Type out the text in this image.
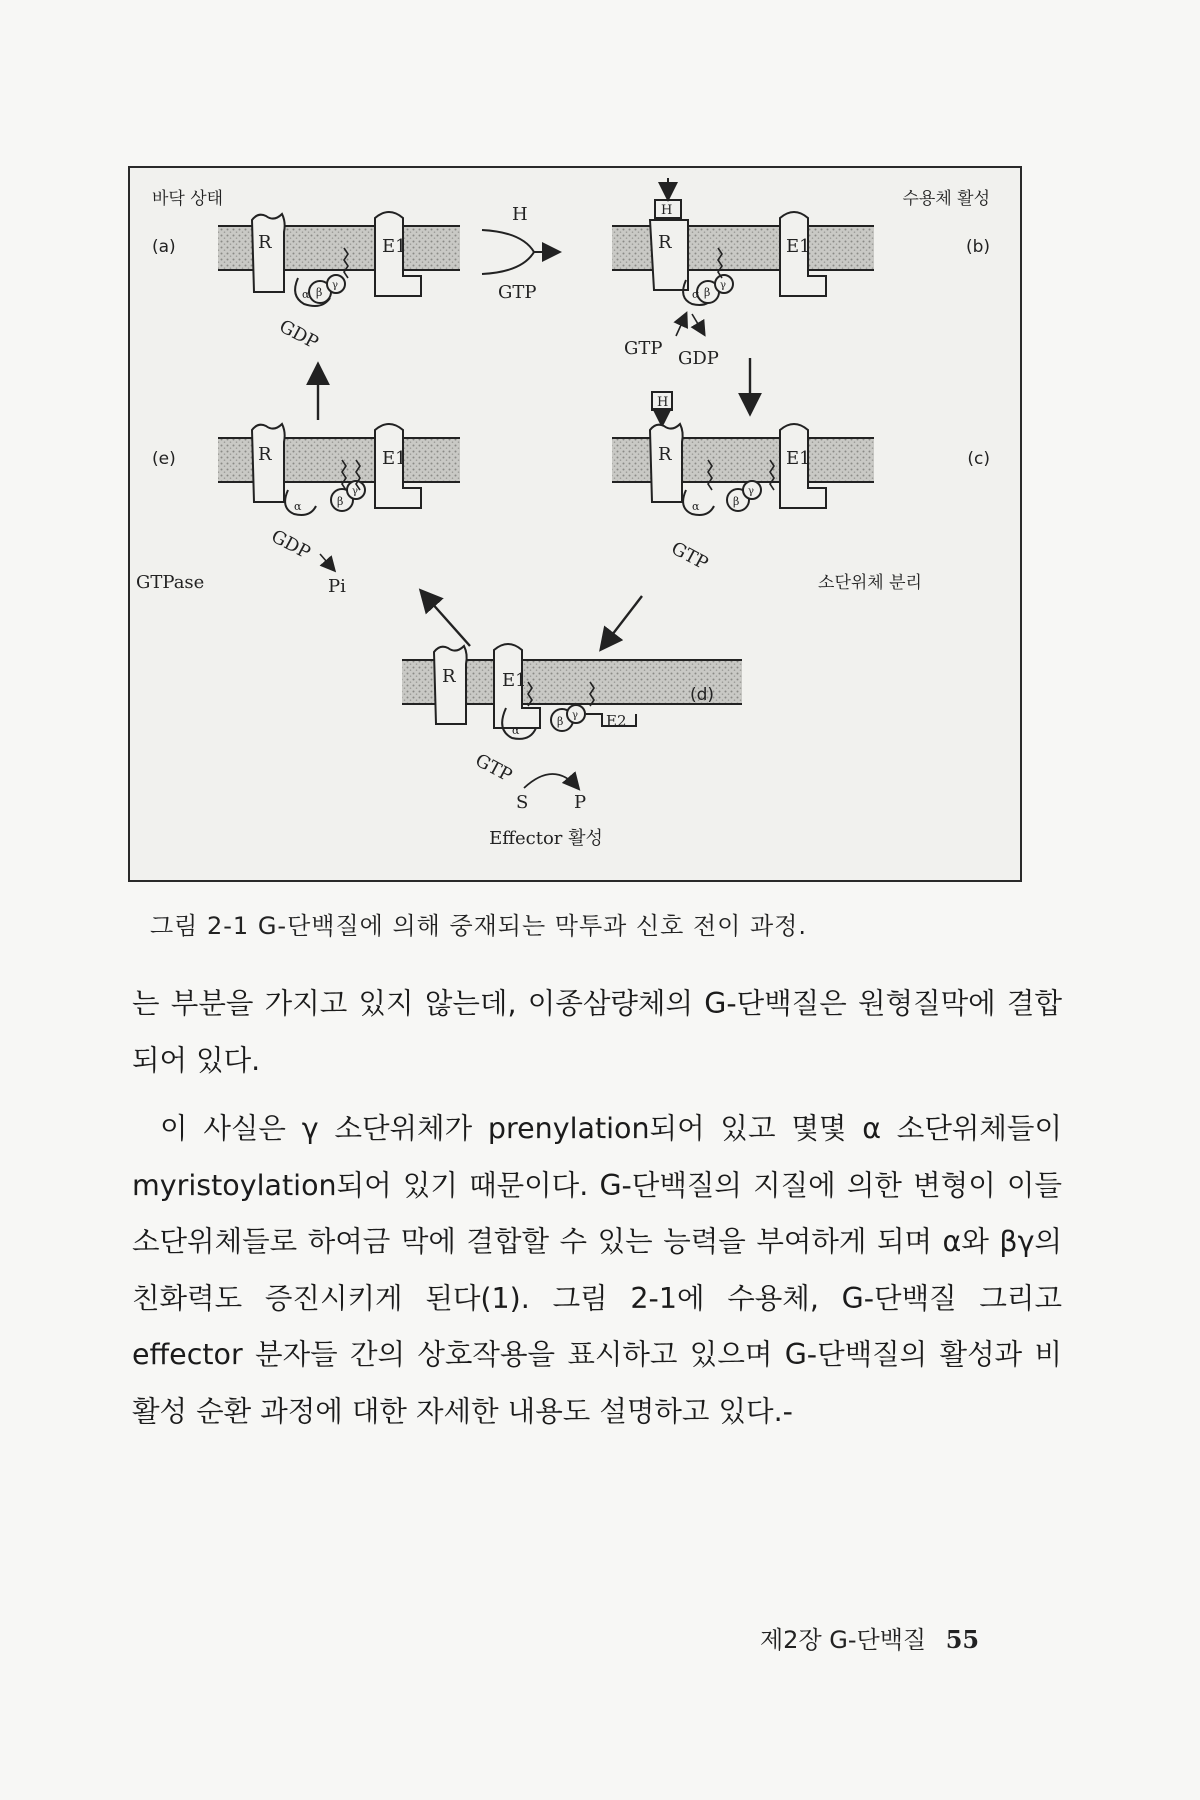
바닥 상태	수용체 활성
R	E1
α β
γ
(a)
GDP
H
GTP
H
R	E1
α β
γ
(b)
GTP GDP
H
R	E1
α	β
γ
(c)
GTP
소단위체 분리
R	E1
α	β
γ
(e)
GDP
GTPase	Pi
R	E1
E2
α
β γ
(d)
GTP
S	P
Effector 활성
그림 2-1 G-단백질에 의해 중재되는 막투과 신호 전이 과정.

는 부분을 가지고 있지 않는데, 이종삼량체의 G-단백질은 원형질막에 결합되어 있다.

이 사실은 γ 소단위체가 prenylation되어 있고 몇몇 α 소단위체들이 myristoylation되어 있기 때문이다. G-단백질의 지질에 의한 변형이 이들 소단위체들로 하여금 막에 결합할 수 있는 능력을 부여하게 되며 α와 βγ의 친화력도 증진시키게 된다(1). 그림 2-1에 수용체, G-단백질 그리고 effector 분자들 간의 상호작용을 표시하고 있으며 G-단백질의 활성과 비활성 순환 과정에 대한 자세한 내용도 설명하고 있다.-

제2장 G-단백질 55
